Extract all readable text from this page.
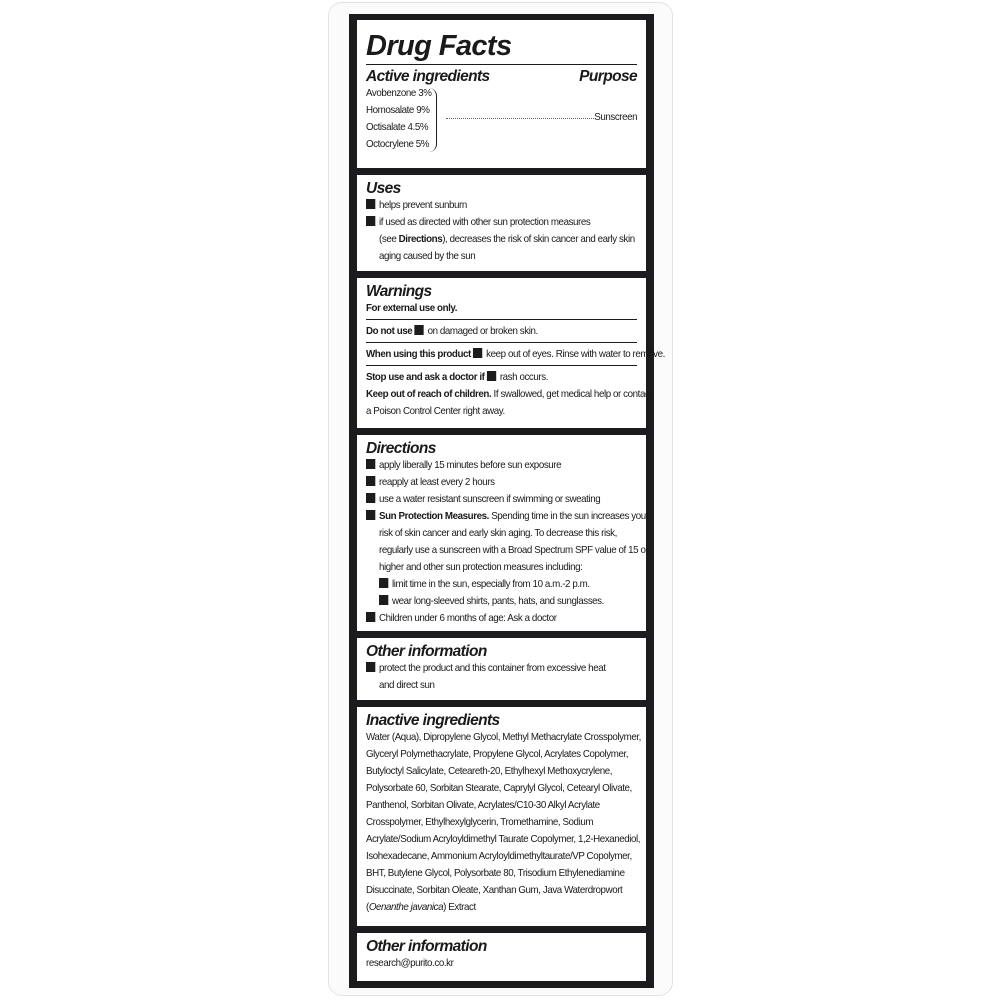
Drug Facts
Active ingredients	Purpose
Avobenzone 3%
Homosalate 9%
Octisalate 4.5%
Octocrylene 5%
Sunscreen
Uses
helps prevent sunburn
if used as directed with other sun protection measures
(see Directions), decreases the risk of skin cancer and early skin
aging caused by the sun
Warnings
For external use only.
Do not use on damaged or broken skin.
When using this product keep out of eyes. Rinse with water to remove.
Stop use and ask a doctor if rash occurs.
Keep out of reach of children. If swallowed, get medical help or contact
a Poison Control Center right away.
Directions
apply liberally 15 minutes before sun exposure
reapply at least every 2 hours
use a water resistant sunscreen if swimming or sweating
Sun Protection Measures. Spending time in the sun increases your
risk of skin cancer and early skin aging. To decrease this risk,
regularly use a sunscreen with a Broad Spectrum SPF value of 15 or
higher and other sun protection measures including:
limit time in the sun, especially from 10 a.m.-2 p.m.
wear long-sleeved shirts, pants, hats, and sunglasses.
Children under 6 months of age: Ask a doctor
Other information
protect the product and this container from excessive heat
and direct sun
Inactive ingredients
Water (Aqua), Dipropylene Glycol, Methyl Methacrylate Crosspolymer,
Glyceryl Polymethacrylate, Propylene Glycol, Acrylates Copolymer,
Butyloctyl Salicylate, Ceteareth-20, Ethylhexyl Methoxycrylene,
Polysorbate 60, Sorbitan Stearate, Caprylyl Glycol, Cetearyl Olivate,
Panthenol, Sorbitan Olivate, Acrylates/C10-30 Alkyl Acrylate
Crosspolymer, Ethylhexylglycerin, Tromethamine, Sodium
Acrylate/Sodium Acryloyldimethyl Taurate Copolymer, 1,2-Hexanediol,
Isohexadecane, Ammonium Acryloyldimethyltaurate/VP Copolymer,
BHT, Butylene Glycol, Polysorbate 80, Trisodium Ethylenediamine
Disuccinate, Sorbitan Oleate, Xanthan Gum, Java Waterdropwort
(Oenanthe javanica) Extract
Other information
research@purito.co.kr
